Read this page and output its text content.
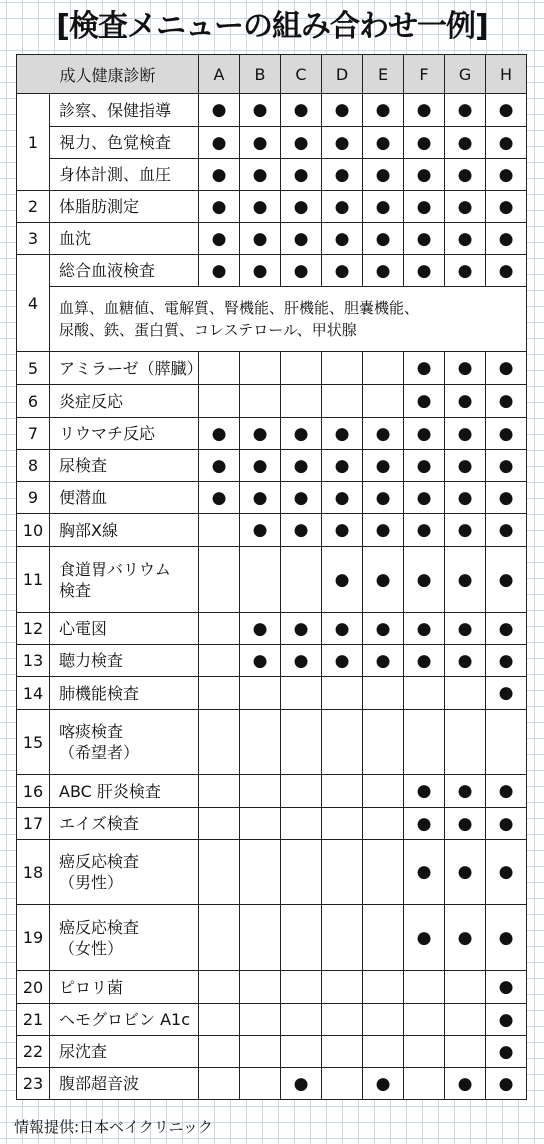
[検査メニューの組み合わせ一例]
成人健康診断		A	B	C	D	E	F	G	H
1	診察、保健指導	●	●	●	●	●	●	●	●
	視力、色覚検査	●	●	●	●	●	●	●	●
	身体計測、血圧	●	●	●	●	●	●	●	●
2	体脂肪測定	●	●	●	●	●	●	●	●
3	血沈	●	●	●	●	●	●	●	●
4	総合血液検査	●	●	●	●	●	●	●	●

	血算、血糖値、電解質、腎機能、肝機能、胆嚢機能、
尿酸、鉄、蛋白質、コレステロール、甲状腺								

5	アミラーゼ（膵臓）						●	●	●
6	炎症反応						●	●	●
7	リウマチ反応	●	●	●	●	●	●	●	●
8	尿検査	●	●	●	●	●	●	●	●
9	便潜血	●	●	●	●	●	●	●	●
10	胸部X線		●	●	●	●	●	●	●
11	食道胃バリウム
検査				●	●	●	●	●
12	心電図		●	●	●	●	●	●	●
13	聴力検査		●	●	●	●	●	●	●
14	肺機能検査								●
15	喀痰検査
（希望者）								
16	ABC 肝炎検査						●	●	●
17	エイズ検査						●	●	●
18	癌反応検査
（男性）						●	●	●
19	癌反応検査
（女性）						●	●	●
20	ピロリ菌								●
21	ヘモグロビン A1c								●
22	尿沈査								●
23	腹部超音波			●		●		●	●
情報提供:日本ベイクリニック
